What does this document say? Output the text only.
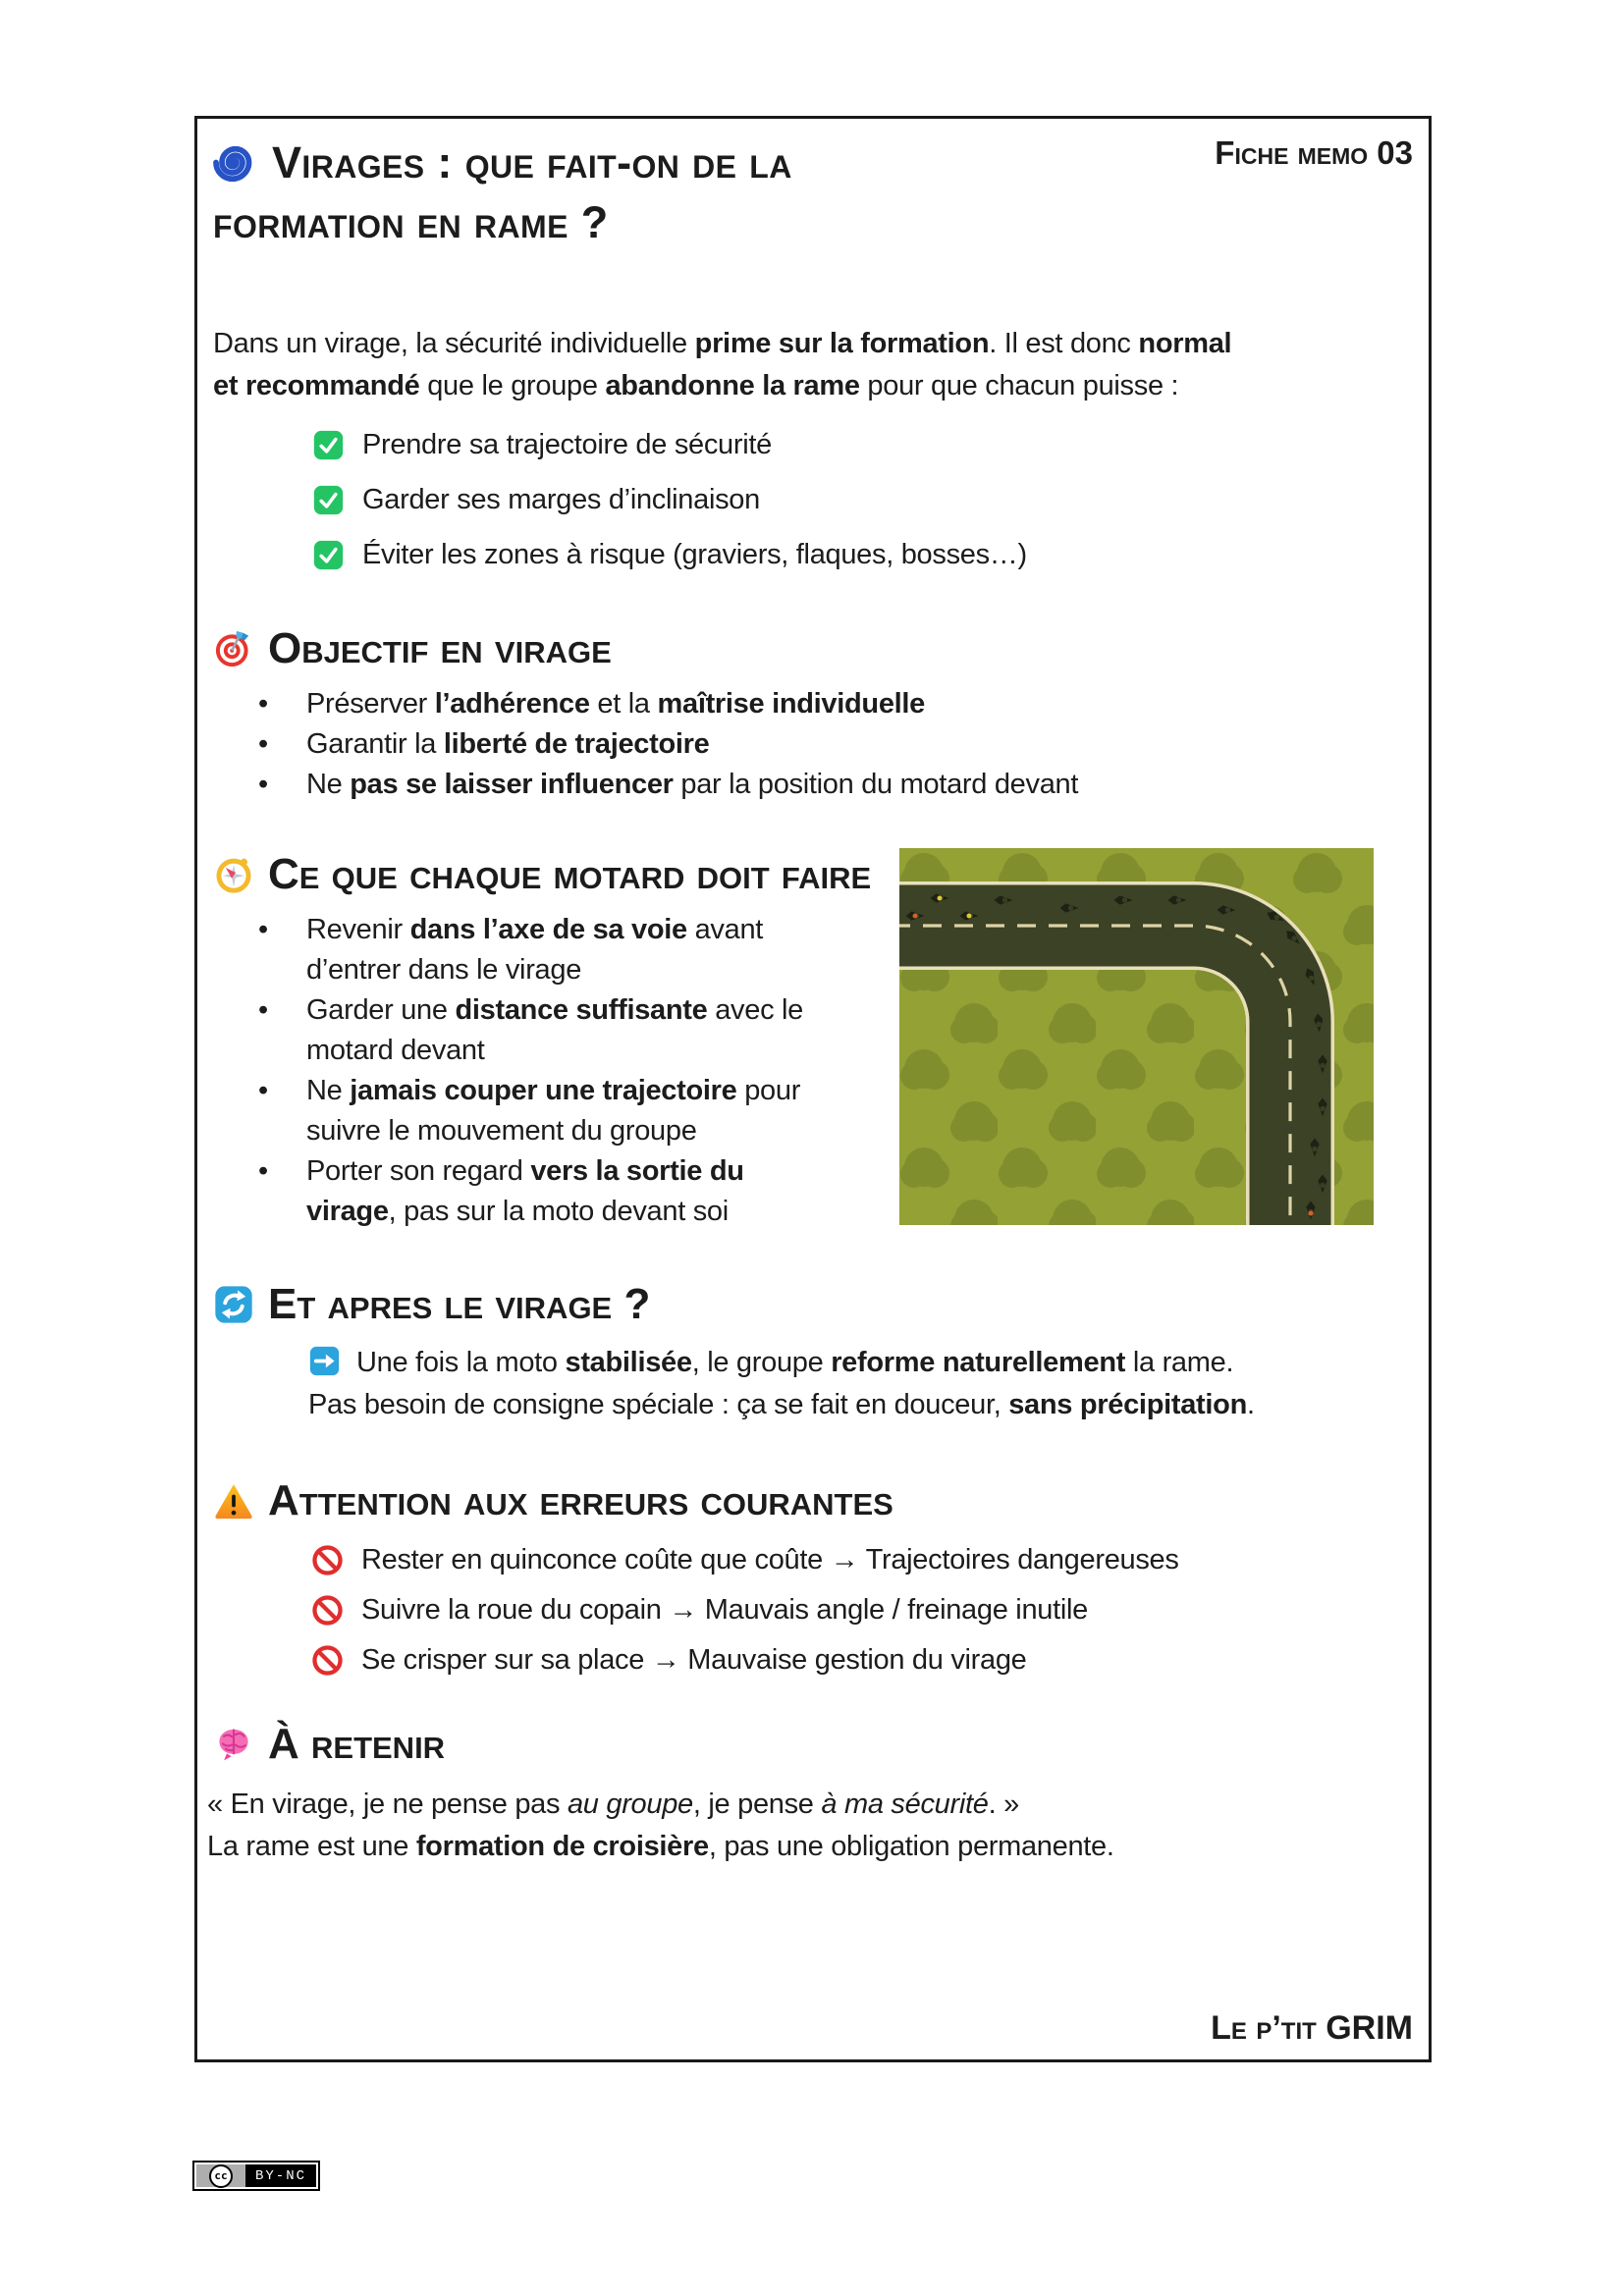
Virages : que fait-on de la
formation en rame ?
Fiche memo 03

Dans un virage, la sécurité individuelle prime sur la formation. Il est donc normal
et recommandé que le groupe abandonne la rame pour que chacun puisse :

Prendre sa trajectoire de sécurité
Garder ses marges d’inclinaison
Éviter les zones à risque (graviers, flaques, bosses…)
Objectif en virage
• Préserver l’adhérence et la maîtrise individuelle
• Garantir la liberté de trajectoire
• Ne pas se laisser influencer par la position du motard devant
Ce que chaque motard doit faire
• Revenir dans l’axe de sa voie avant
d’entrer dans le virage
• Garder une distance suffisante avec le
motard devant
• Ne jamais couper une trajectoire pour
suivre le mouvement du groupe
• Porter son regard vers la sortie du
virage, pas sur la moto devant soi
Et apres le virage ?

Une fois la moto stabilisée, le groupe reforme naturellement la rame.
Pas besoin de consigne spéciale : ça se fait en douceur, sans précipitation.

Attention aux erreurs courantes
Rester en quinconce coûte que coûte → Trajectoires dangereuses
Suivre la roue du copain → Mauvais angle / freinage inutile
Se crisper sur sa place → Mauvaise gestion du virage
À retenir

« En virage, je ne pense pas au groupe, je pense à ma sécurité. »
La rame est une formation de croisière, pas une obligation permanente.

Le p’tit GRIM
cc	BY-NC
